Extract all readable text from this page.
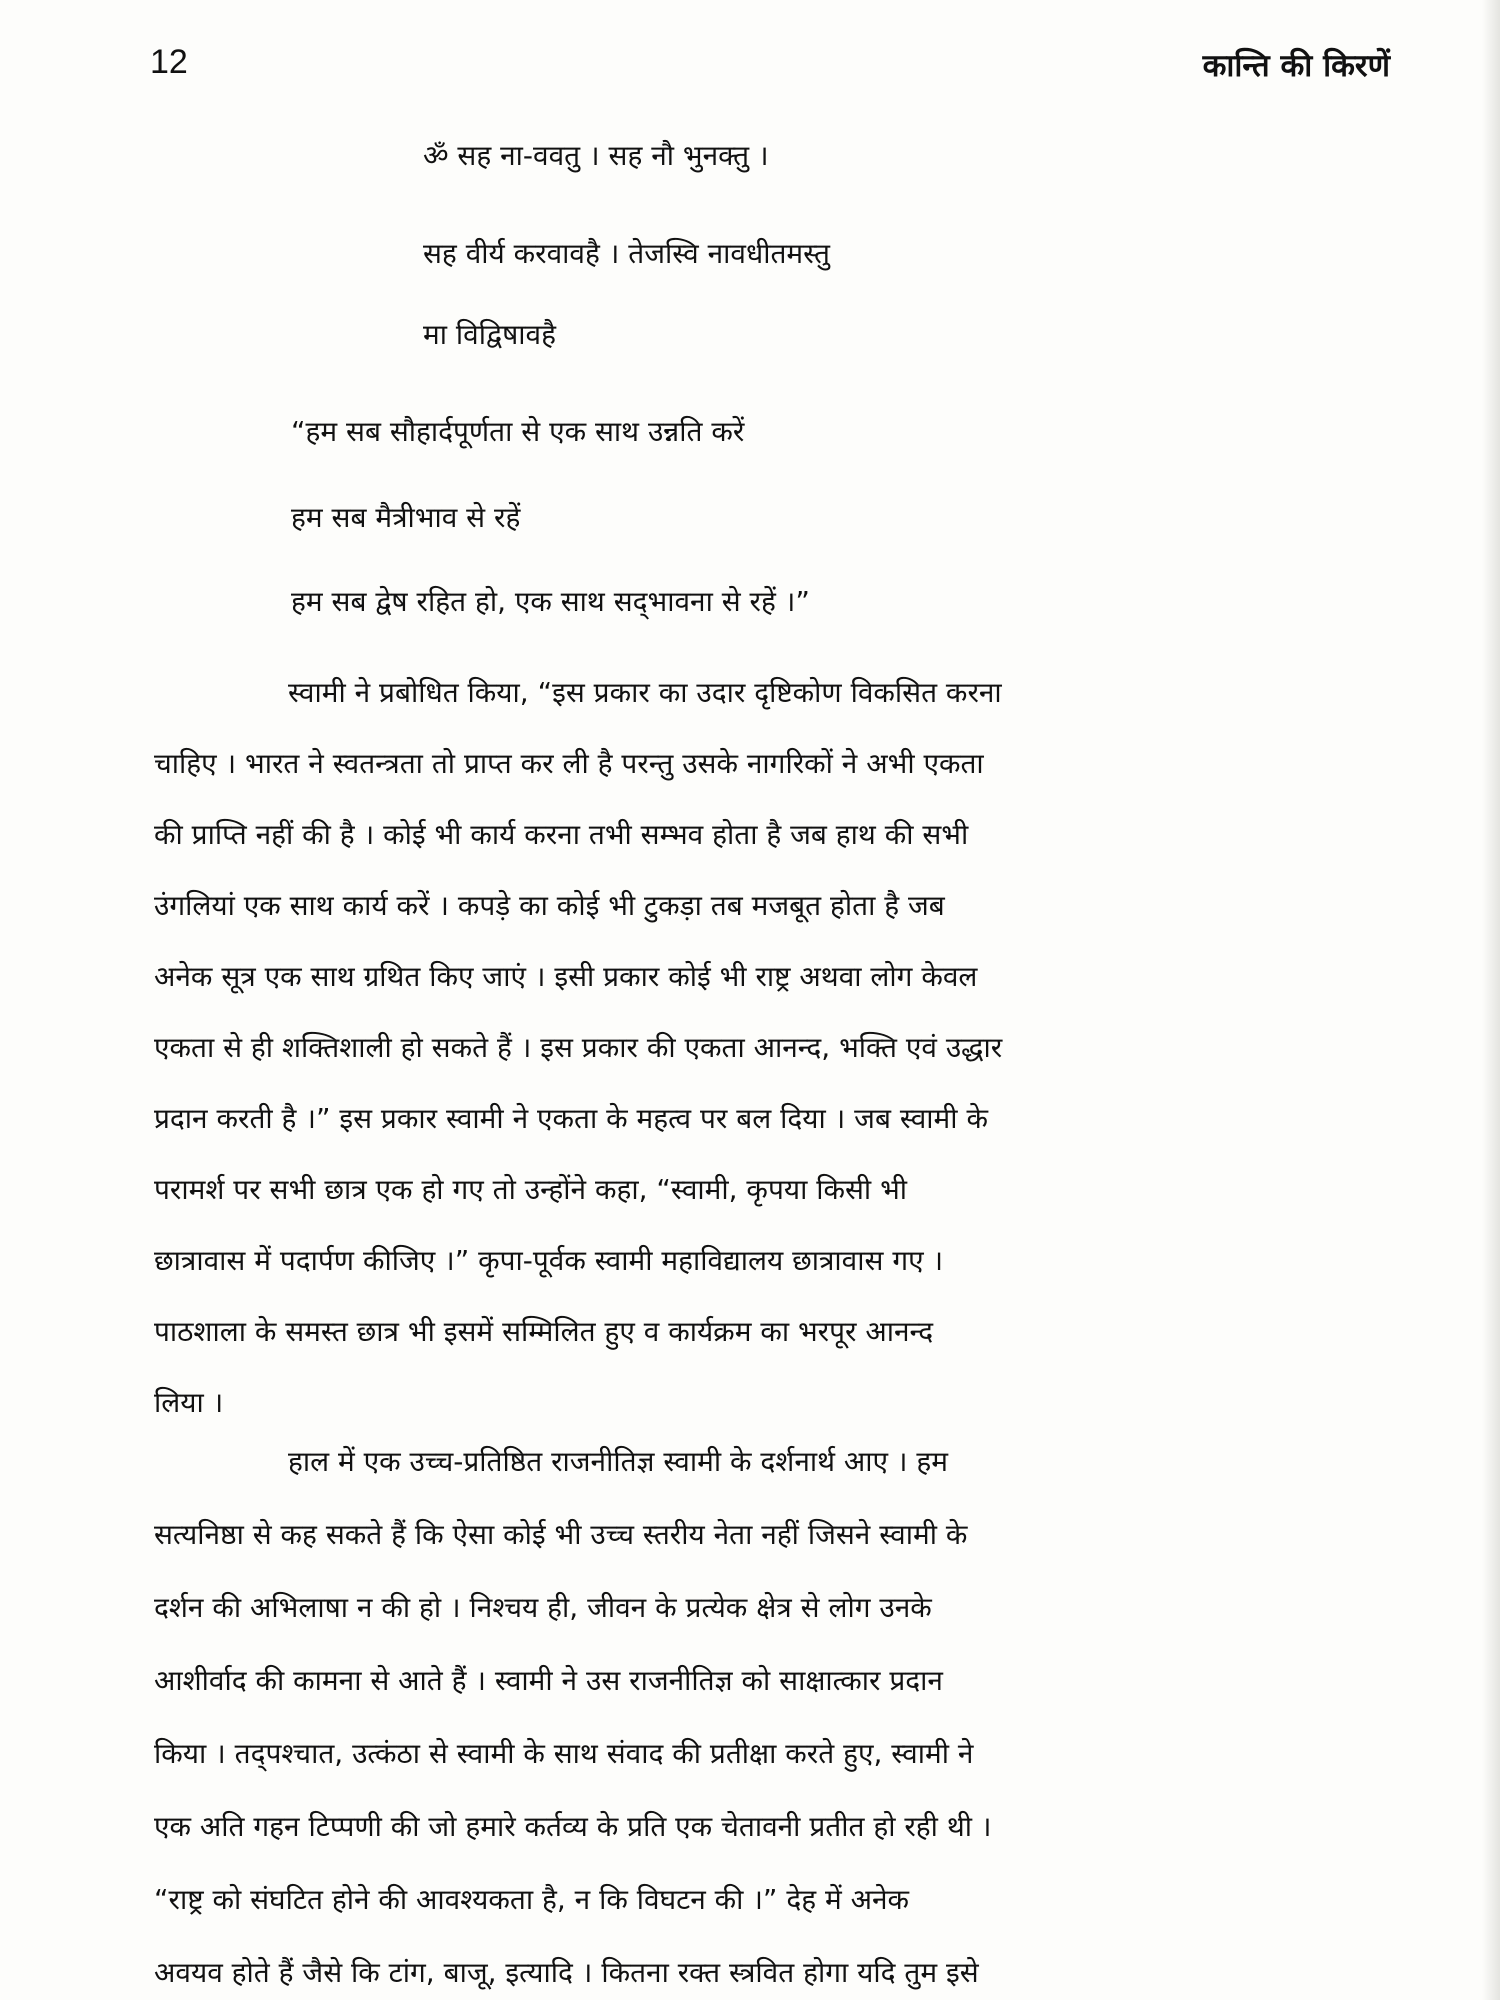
12	कान्ति की किरणें
ॐ सह ना-ववतु । सह नौ भुनक्तु ।
सह वीर्य करवावहै । तेजस्वि नावधीतमस्तु
मा विद्विषावहै
“हम सब सौहार्दपूर्णता से एक साथ उन्नति करें
हम सब मैत्रीभाव से रहें
हम सब द्वेष रहित हो, एक साथ सद्‌भावना से रहें ।”
स्वामी ने प्रबोधित किया, “इस प्रकार का उदार दृष्टिकोण विकसित करना
चाहिए । भारत ने स्वतन्त्रता तो प्राप्त कर ली है परन्तु उसके नागरिकों ने अभी एकता
की प्राप्ति नहीं की है । कोई भी कार्य करना तभी सम्भव होता है जब हाथ की सभी
उंगलियां एक साथ कार्य करें । कपड़े का कोई भी टुकड़ा तब मजबूत होता है जब
अनेक सूत्र एक साथ ग्रथित किए जाएं । इसी प्रकार कोई भी राष्ट्र अथवा लोग केवल
एकता से ही शक्तिशाली हो सकते हैं । इस प्रकार की एकता आनन्द, भक्ति एवं उद्धार
प्रदान करती है ।” इस प्रकार स्वामी ने एकता के महत्व पर बल दिया । जब स्वामी के
परामर्श पर सभी छात्र एक हो गए तो उन्होंने कहा, “स्वामी, कृपया किसी भी
छात्रावास में पदार्पण कीजिए ।” कृपा-पूर्वक स्वामी महाविद्यालय छात्रावास गए ।
पाठशाला के समस्त छात्र भी इसमें सम्मिलित हुए व कार्यक्रम का भरपूर आनन्द
लिया ।
हाल में एक उच्च-प्रतिष्ठित राजनीतिज्ञ स्वामी के दर्शनार्थ आए । हम
सत्यनिष्ठा से कह सकते हैं कि ऐसा कोई भी उच्च स्तरीय नेता नहीं जिसने स्वामी के
दर्शन की अभिलाषा न की हो । निश्चय ही, जीवन के प्रत्येक क्षेत्र से लोग उनके
आशीर्वाद की कामना से आते हैं । स्वामी ने उस राजनीतिज्ञ को साक्षात्कार प्रदान
किया । तद्‌पश्चात, उत्कंठा से स्वामी के साथ संवाद की प्रतीक्षा करते हुए, स्वामी ने
एक अति गहन टिप्पणी की जो हमारे कर्तव्य के प्रति एक चेतावनी प्रतीत हो रही थी ।
“राष्ट्र को संघटित होने की आवश्यकता है, न कि विघटन की ।” देह में अनेक
अवयव होते हैं जैसे कि टांग, बाजू, इत्यादि । कितना रक्त स्त्रवित होगा यदि तुम इसे
